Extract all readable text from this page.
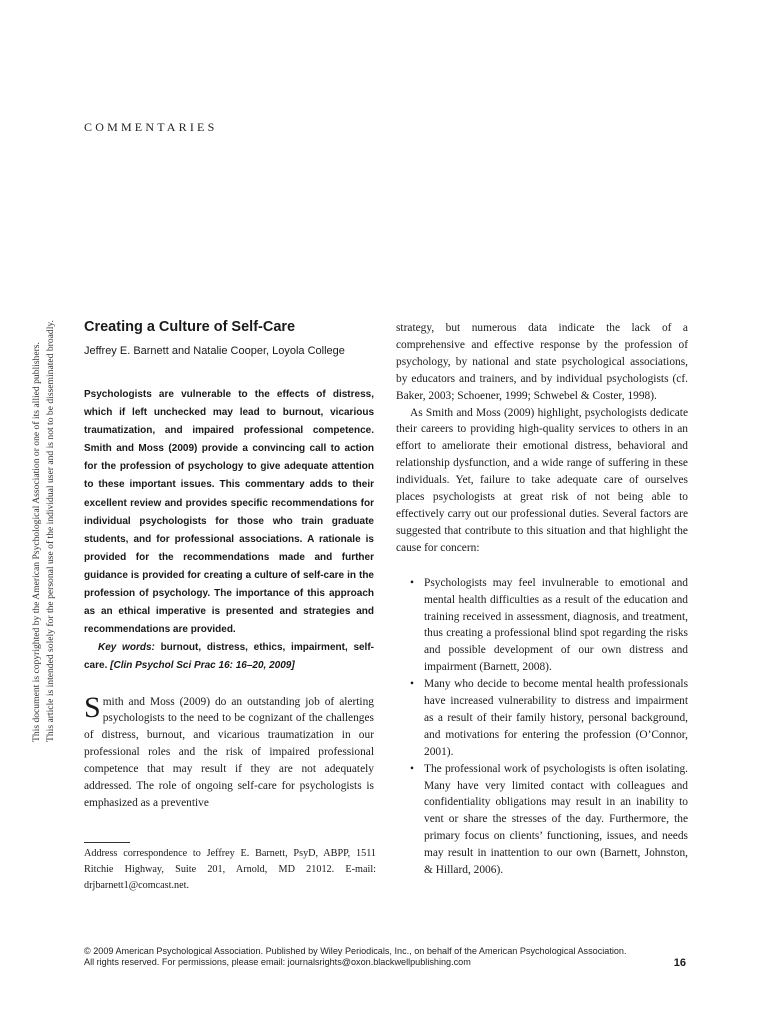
COMMENTARIES
This document is copyrighted by the American Psychological Association or one of its allied publishers. This article is intended solely for the personal use of the individual user and is not to be disseminated broadly. Creating a Culture of Self-Care
Jeffrey E. Barnett and Natalie Cooper, Loyola College
Psychologists are vulnerable to the effects of distress, which if left unchecked may lead to burnout, vicarious traumatization, and impaired professional competence. Smith and Moss (2009) provide a convincing call to action for the profession of psychology to give adequate attention to these important issues. This commentary adds to their excellent review and provides specific recommendations for individual psychologists for those who train graduate students, and for professional associations. A rationale is provided for the recommendations made and further guidance is provided for creating a culture of self-care in the profession of psychology. The importance of this approach as an ethical imperative is presented and strategies and recommendations are provided.
Key words: burnout, distress, ethics, impairment, self-care. [Clin Psychol Sci Prac 16: 16–20, 2009]
Smith and Moss (2009) do an outstanding job of alerting psychologists to the need to be cognizant of the challenges of distress, burnout, and vicarious traumatization in our professional roles and the risk of impaired professional competence that may result if they are not adequately addressed. The role of ongoing self-care for psychologists is emphasized as a preventive
Address correspondence to Jeffrey E. Barnett, PsyD, ABPP, 1511 Ritchie Highway, Suite 201, Arnold, MD 21012. E-mail: drjbarnett1@comcast.net.

strategy, but numerous data indicate the lack of a comprehensive and effective response by the profession of psychology, by national and state psychological associations, by educators and trainers, and by individual psychologists (cf. Baker, 2003; Schoener, 1999; Schwebel & Coster, 1998).

As Smith and Moss (2009) highlight, psychologists dedicate their careers to providing high-quality services to others in an effort to ameliorate their emotional distress, behavioral and relationship dysfunction, and a wide range of suffering in these individuals. Yet, failure to take adequate care of ourselves places psychologists at great risk of not being able to effectively carry out our professional duties. Several factors are suggested that contribute to this situation and that highlight the cause for concern:

• Psychologists may feel invulnerable to emotional and mental health difficulties as a result of the education and training received in assessment, diagnosis, and treatment, thus creating a professional blind spot regarding the risks and possible development of our own distress and impairment (Barnett, 2008).
• Many who decide to become mental health professionals have increased vulnerability to distress and impairment as a result of their family history, personal background, and motivations for entering the profession (O’Connor, 2001).
• The professional work of psychologists is often isolating. Many have very limited contact with colleagues and confidentiality obligations may result in an inability to vent or share the stresses of the day. Furthermore, the primary focus on clients’ functioning, issues, and needs may result in inattention to our own (Barnett, Johnston, & Hillard, 2006).
© 2009 American Psychological Association. Published by Wiley Periodicals, Inc., on behalf of the American Psychological Association.
All rights reserved. For permissions, please email: journalsrights@oxon.blackwellpublishing.com	16
